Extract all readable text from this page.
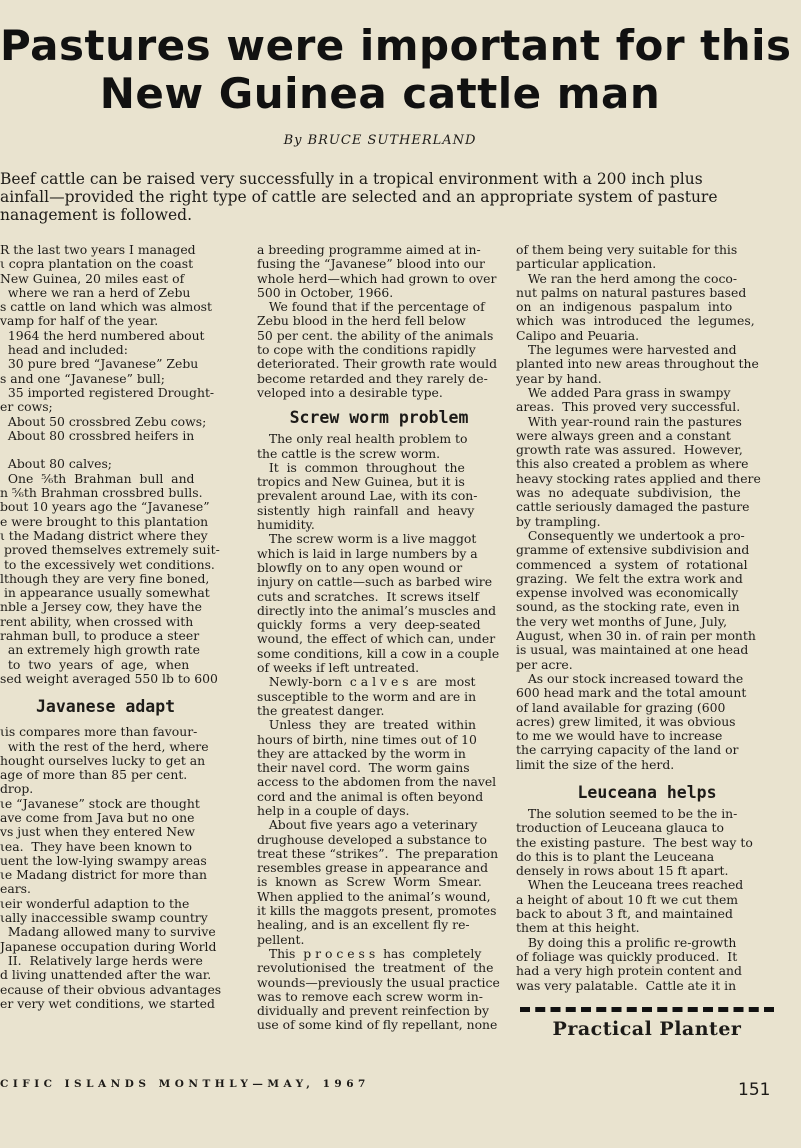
Pastures were important for this
New Guinea cattle man
By BRUCE SUTHERLAND
Beef cattle can be raised very successfully in a tropical environment with a 200 inch plus
ainfall—provided the right type of cattle are selected and an appropriate system of pasture
nanagement is followed.
R the last two years I managed
ι copra plantation on the coast
New Guinea, 20 miles east of
where we ran a herd of Zebu
s cattle on land which was almost
vamp for half of the year.
1964 the herd numbered about
head and included:
30 pure bred “Javanese” Zebu
s and one “Javanese” bull;
35 imported registered Drought-
er cows;
About 50 crossbred Zebu cows;
About 80 crossbred heifers in

About 80 calves;
One  ⅚th  Brahman  bull  and
n ⅚th Brahman crossbred bulls.
bout 10 years ago the “Javanese”
e were brought to this plantation
ι the Madang district where they
proved themselves extremely suit-
to the excessively wet conditions.
lthough they are very fine boned,
in appearance usually somewhat
nble a Jersey cow, they have the
rent ability, when crossed with
rahman bull, to produce a steer
an extremely high growth rate
to  two  years  of  age,  when
sed weight averaged 550 lb to 600
Javanese adapt
ιis compares more than favour-
with the rest of the herd, where
hought ourselves lucky to get an
age of more than 85 per cent.
drop.
ιe “Javanese” stock are thought
ave come from Java but no one
vs just when they entered New
ιea.  They have been known to
uent the low-lying swampy areas
ιe Madang district for more than
ears.
ιeir wonderful adaption to the
ιally inaccessible swamp country
Madang allowed many to survive
Japanese occupation during World
II.  Relatively large herds were
d living unattended after the war.
ecause of their obvious advantages
er very wet conditions, we started
a breeding programme aimed at in-
fusing the “Javanese” blood into our
whole herd—which had grown to over
500 in October, 1966.
We found that if the percentage of
Zebu blood in the herd fell below
50 per cent. the ability of the animals
to cope with the conditions rapidly
deteriorated. Their growth rate would
become retarded and they rarely de-
veloped into a desirable type.
Screw worm problem
The only real health problem to
the cattle is the screw worm.
It  is  common  throughout  the
tropics and New Guinea, but it is
prevalent around Lae, with its con-
sistently  high  rainfall  and  heavy
humidity.
The screw worm is a live maggot
which is laid in large numbers by a
blowfly on to any open wound or
injury on cattle—such as barbed wire
cuts and scratches.  It screws itself
directly into the animal’s muscles and
quickly  forms  a  very  deep-seated
wound, the effect of which can, under
some conditions, kill a cow in a couple
of weeks if left untreated.
Newly-born  c a l v e s  are  most
susceptible to the worm and are in
the greatest danger.
Unless  they  are  treated  within
hours of birth, nine times out of 10
they are attacked by the worm in
their navel cord.  The worm gains
access to the abdomen from the navel
cord and the animal is often beyond
help in a couple of days.
About five years ago a veterinary
drughouse developed a substance to
treat these “strikes”.  The preparation
resembles grease in appearance and
is  known  as  Screw  Worm  Smear.
When applied to the animal’s wound,
it kills the maggots present, promotes
healing, and is an excellent fly re-
pellent.
This  p r o c e s s  has  completely
revolutionised  the  treatment  of  the
wounds—previously the usual practice
was to remove each screw worm in-
dividually and prevent reinfection by
use of some kind of fly repellant, none
of them being very suitable for this
particular application.
We ran the herd among the coco-
nut palms on natural pastures based
on  an  indigenous  paspalum  into
which  was  introduced  the  legumes,
Calipo and Peuaria.
The legumes were harvested and
planted into new areas throughout the
year by hand.
We added Para grass in swampy
areas.  This proved very successful.
With year-round rain the pastures
were always green and a constant
growth rate was assured.  However,
this also created a problem as where
heavy stocking rates applied and there
was  no  adequate  subdivision,  the
cattle seriously damaged the pasture
by trampling.
Consequently we undertook a pro-
gramme of extensive subdivision and
commenced  a  system  of  rotational
grazing.  We felt the extra work and
expense involved was economically
sound, as the stocking rate, even in
the very wet months of June, July,
August, when 30 in. of rain per month
is usual, was maintained at one head
per acre.
As our stock increased toward the
600 head mark and the total amount
of land available for grazing (600
acres) grew limited, it was obvious
to me we would have to increase
the carrying capacity of the land or
limit the size of the herd.
Leuceana helps
The solution seemed to be the in-
troduction of Leuceana glauca to
the existing pasture.  The best way to
do this is to plant the Leuceana
densely in rows about 15 ft apart.
When the Leuceana trees reached
a height of about 10 ft we cut them
back to about 3 ft, and maintained
them at this height.
By doing this a prolific re-growth
of foliage was quickly produced.  It
had a very high protein content and
was very palatable.  Cattle ate it in
Practical Planter
CIFIC ISLANDS MONTHLY—MAY, 1967	151
